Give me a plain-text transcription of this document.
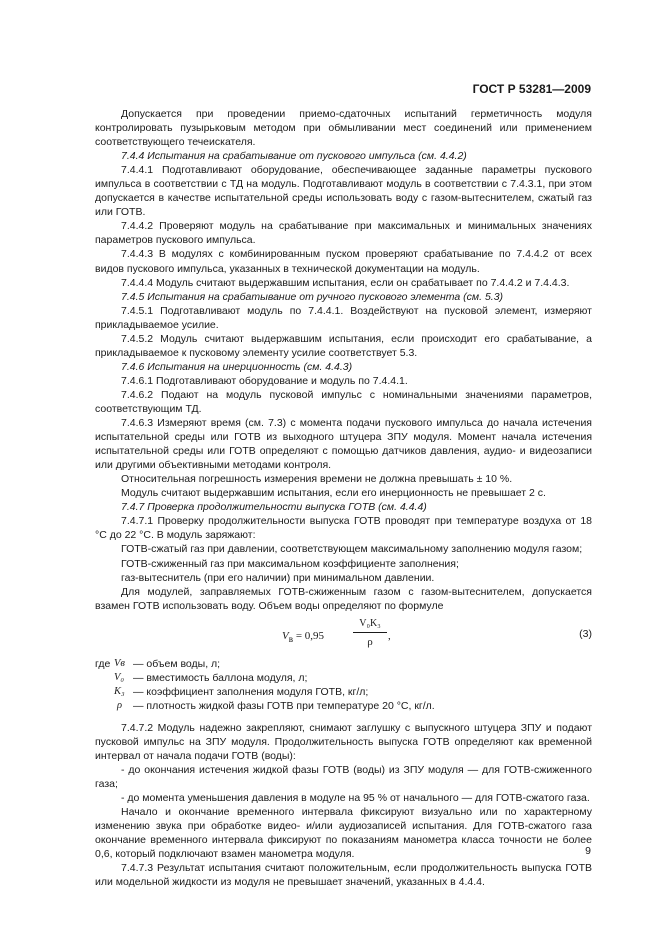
ГОСТ Р 53281—2009

Допускается при проведении приемо-сдаточных испытаний герметичность модуля контролировать пузырьковым методом при обмыливании мест соединений или применением соответствующего течеискателя.

7.4.4 Испытания на срабатывание от пускового импульса (см. 4.4.2)

7.4.4.1 Подготавливают оборудование, обеспечивающее заданные параметры пускового импульса в соответствии с ТД на модуль. Подготавливают модуль в соответствии с 7.4.3.1, при этом допускается в качестве испытательной среды использовать воду с газом-вытеснителем, сжатый газ или ГОТВ.

7.4.4.2 Проверяют модуль на срабатывание при максимальных и минимальных значениях параметров пускового импульса.

7.4.4.3 В модулях с комбинированным пуском проверяют срабатывание по 7.4.4.2 от всех видов пускового импульса, указанных в технической документации на модуль.

7.4.4.4 Модуль считают выдержавшим испытания, если он срабатывает по 7.4.4.2 и 7.4.4.3.

7.4.5 Испытания на срабатывание от ручного пускового элемента (см. 5.3)

7.4.5.1 Подготавливают модуль по 7.4.4.1. Воздействуют на пусковой элемент, измеряют прикладываемое усилие.

7.4.5.2 Модуль считают выдержавшим испытания, если происходит его срабатывание, а прикладываемое к пусковому элементу усилие соответствует 5.3.

7.4.6 Испытания на инерционность (см. 4.4.3)

7.4.6.1 Подготавливают оборудование и модуль по 7.4.4.1.

7.4.6.2 Подают на модуль пусковой импульс с номинальными значениями параметров, соответствующим ТД.

7.4.6.3 Измеряют время (см. 7.3) с момента подачи пускового импульса до начала истечения испытательной среды или ГОТВ из выходного штуцера ЗПУ модуля. Момент начала истечения испытательной среды или ГОТВ определяют с помощью датчиков давления, аудио- и видеозаписи или другими объективными методами контроля.

Относительная погрешность измерения времени не должна превышать ± 10 %.

Модуль считают выдержавшим испытания, если его инерционность не превышает 2 с.

7.4.7 Проверка продолжительности выпуска ГОТВ (см. 4.4.4)

7.4.7.1 Проверку продолжительности выпуска ГОТВ проводят при температуре воздуха от 18 °С до 22 °С. В модуль заряжают:

ГОТВ-сжатый газ при давлении, соответствующем максимальному заполнению модуля газом;

ГОТВ-сжиженный газ при максимальном коэффициенте заполнения;

газ-вытеснитель (при его наличии) при минимальном давлении.

Для модулей, заправляемых ГОТВ-сжиженным газом с газом-вытеснителем, допускается взамен ГОТВ использовать воду. Объем воды определяют по формуле

$V_в = 0,95$	$\frac{\text{V₀K₃}}{\rho}$ ,	(3)
где Vв — объем воды, л;
V₀ — вместимость баллона модуля, л;
K₃ — коэффициент заполнения модуля ГОТВ, кг/л;
ρ — плотность жидкой фазы ГОТВ при температуре 20 °С, кг/л.

7.4.7.2 Модуль надежно закрепляют, снимают заглушку с выпускного штуцера ЗПУ и подают пусковой импульс на ЗПУ модуля. Продолжительность выпуска ГОТВ определяют как временной интервал от начала подачи ГОТВ (воды):

- до окончания истечения жидкой фазы ГОТВ (воды) из ЗПУ модуля — для ГОТВ-сжиженного газа;

- до момента уменьшения давления в модуле на 95 % от начального — для ГОТВ-сжатого газа.

Начало и окончание временного интервала фиксируют визуально или по характерному изменению звука при обработке видео- и/или аудиозаписей испытания. Для ГОТВ-сжатого газа окончание временного интервала фиксируют по показаниям манометра класса точности не более 0,6, который подключают взамен манометра модуля.

7.4.7.3 Результат испытания считают положительным, если продолжительность выпуска ГОТВ или модельной жидкости из модуля не превышает значений, указанных в 4.4.4.

9
